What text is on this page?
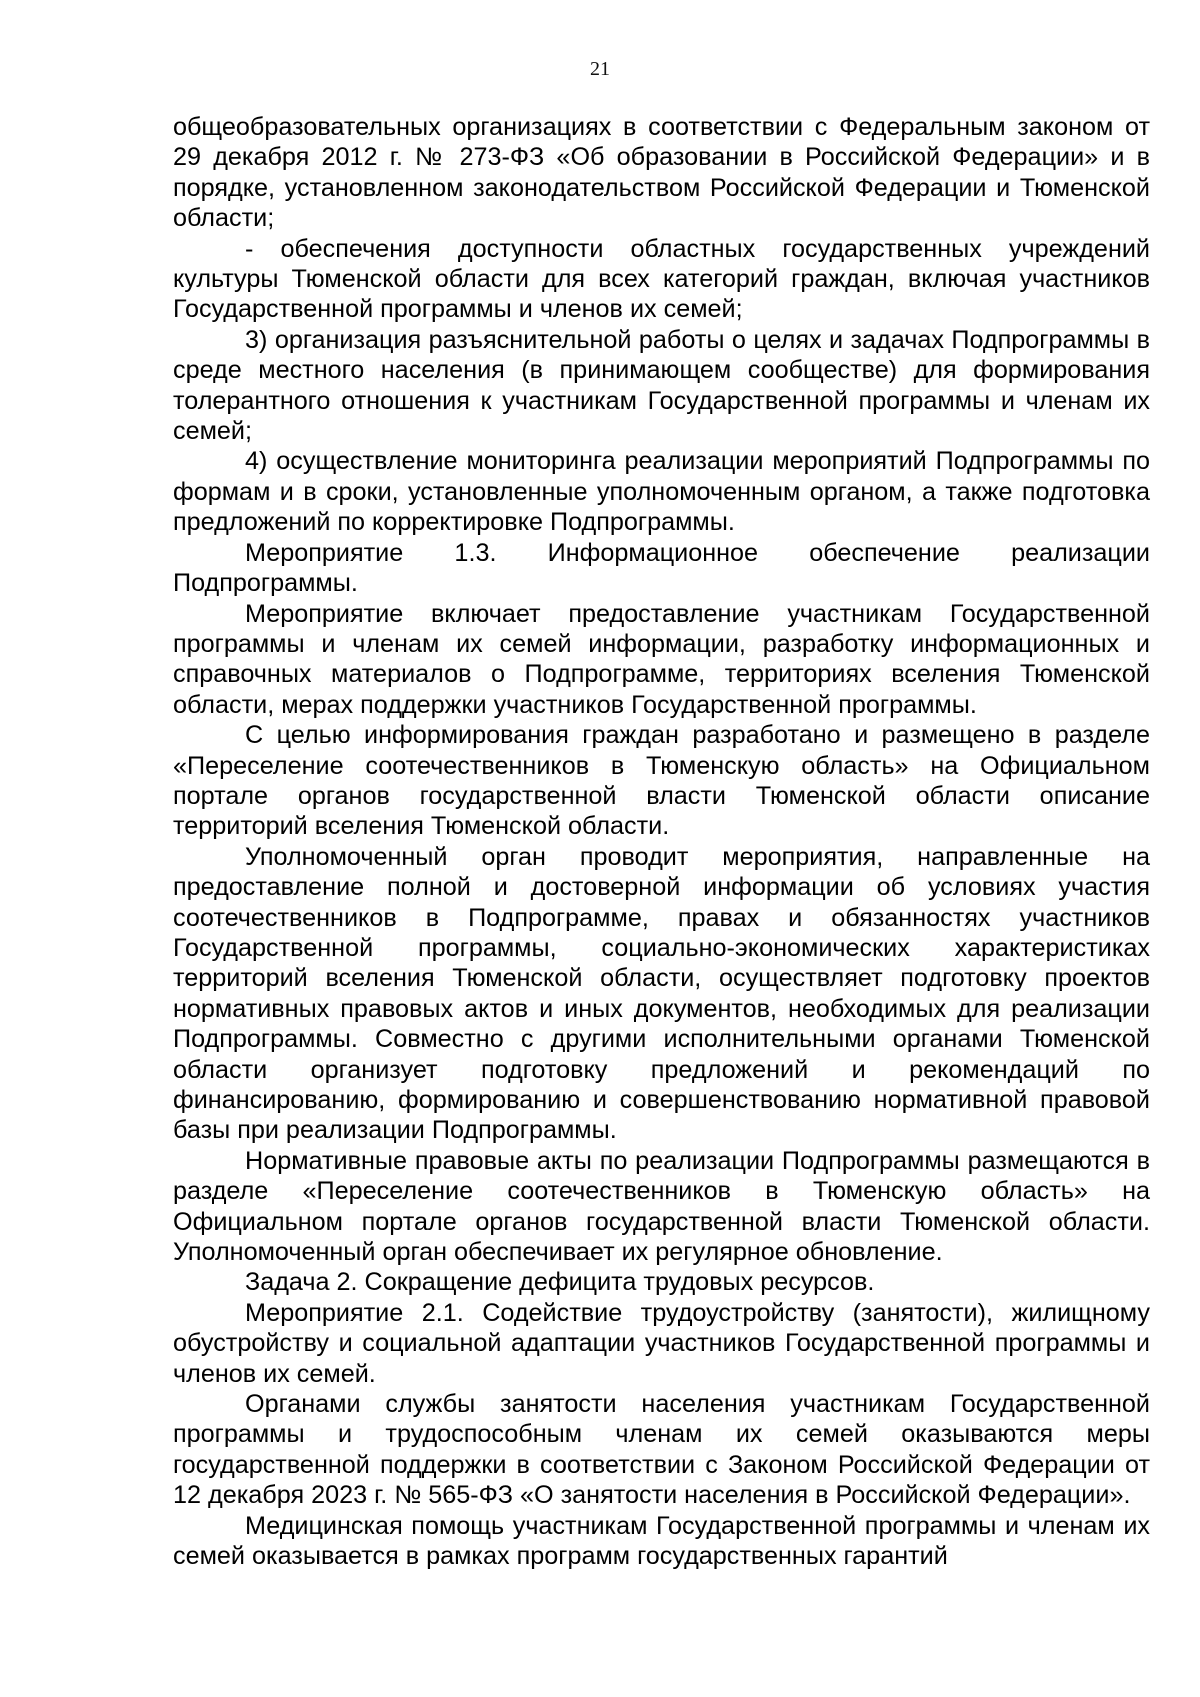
21

общеобразовательных организациях в соответствии с Федеральным законом от 29 декабря 2012 г. № 273-ФЗ «Об образовании в Российской Федерации» и в порядке, установленном законодательством Российской Федерации и Тюменской области;

- обеспечения доступности областных государственных учреждений культуры Тюменской области для всех категорий граждан, включая участников Государственной программы и членов их семей;

3) организация разъяснительной работы о целях и задачах Подпрограммы в среде местного населения (в принимающем сообществе) для формирования толерантного отношения к участникам Государственной программы и членам их семей;

4) осуществление мониторинга реализации мероприятий Подпрограммы по формам и в сроки, установленные уполномоченным органом, а также подготовка предложений по корректировке Подпрограммы.

Мероприятие 1.3. Информационное обеспечение реализации Подпрограммы.

Мероприятие включает предоставление участникам Государственной программы и членам их семей информации, разработку информационных и справочных материалов о Подпрограмме, территориях вселения Тюменской области, мерах поддержки участников Государственной программы.

С целью информирования граждан разработано и размещено в разделе «Переселение соотечественников в Тюменскую область» на Официальном портале органов государственной власти Тюменской области описание территорий вселения Тюменской области.

Уполномоченный орган проводит мероприятия, направленные на предоставление полной и достоверной информации об условиях участия соотечественников в Подпрограмме, правах и обязанностях участников Государственной программы, социально-экономических характеристиках территорий вселения Тюменской области, осуществляет подготовку проектов нормативных правовых актов и иных документов, необходимых для реализации Подпрограммы. Совместно с другими исполнительными органами Тюменской области организует подготовку предложений и рекомендаций по финансированию, формированию и совершенствованию нормативной правовой базы при реализации Подпрограммы.

Нормативные правовые акты по реализации Подпрограммы размещаются в разделе «Переселение соотечественников в Тюменскую область» на Официальном портале органов государственной власти Тюменской области. Уполномоченный орган обеспечивает их регулярное обновление.

Задача 2. Сокращение дефицита трудовых ресурсов.

Мероприятие 2.1. Содействие трудоустройству (занятости), жилищному обустройству и социальной адаптации участников Государственной программы и членов их семей.

Органами службы занятости населения участникам Государственной программы и трудоспособным членам их семей оказываются меры государственной поддержки в соответствии с Законом Российской Федерации от 12 декабря 2023 г. № 565-ФЗ «О занятости населения в Российской Федерации».

Медицинская помощь участникам Государственной программы и членам их семей оказывается в рамках программ государственных гарантий
